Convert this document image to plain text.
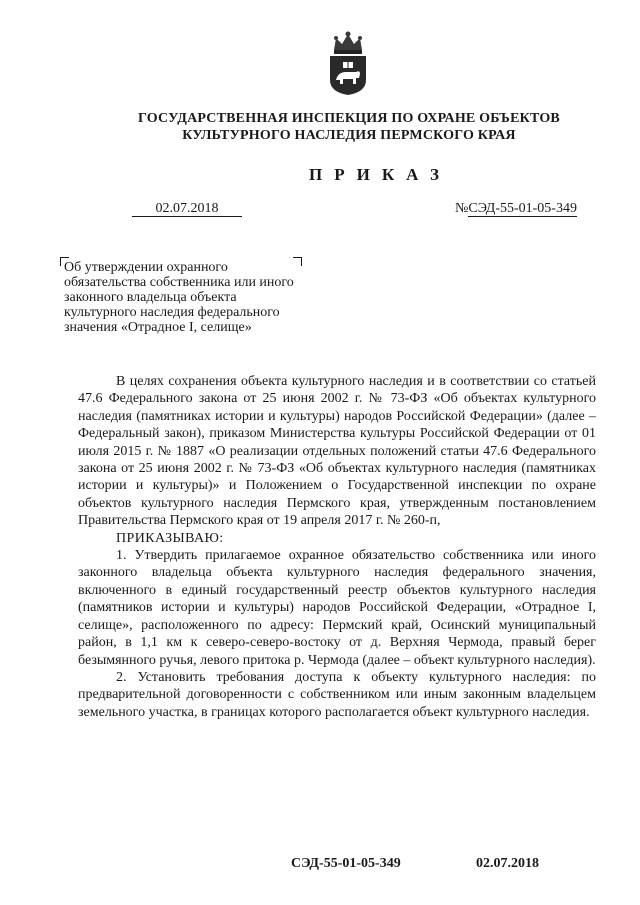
ГОСУДАРСТВЕННАЯ ИНСПЕКЦИЯ ПО ОХРАНЕ ОБЪЕКТОВ
КУЛЬТУРНОГО НАСЛЕДИЯ ПЕРМСКОГО КРАЯ
ПРИКАЗ
02.07.2018	№СЭД-55-01-05-349
Об утверждении охранного обязательства собственника или иного законного владельца объекта культурного наследия федерального значения «Отрадное I, селище»

В целях сохранения объекта культурного наследия и в соответствии со статьей 47.6 Федерального закона от 25 июня 2002 г. № 73-ФЗ «Об объектах культурного наследия (памятниках истории и культуры) народов Российской Федерации» (далее – Федеральный закон), приказом Министерства культуры Российской Федерации от 01 июля 2015 г. № 1887 «О реализации отдельных положений статьи 47.6 Федерального закона от 25 июня 2002 г. № 73-ФЗ «Об объектах культурного наследия (памятниках истории и культуры)» и Положением о Государственной инспекции по охране объектов культурного наследия Пермского края, утвержденным постановлением Правительства Пермского края от 19 апреля 2017 г. № 260-п,

ПРИКАЗЫВАЮ:

1. Утвердить прилагаемое охранное обязательство собственника или иного законного владельца объекта культурного наследия федерального значения, включенного в единый государственный реестр объектов культурного наследия (памятников истории и культуры) народов Российской Федерации, «Отрадное I, селище», расположенного по адресу: Пермский край, Осинский муниципальный район, в 1,1 км к северо-северо-востоку от д. Верхняя Чермода, правый берег безымянного ручья, левого притока р. Чермода (далее – объект культурного наследия).

2. Установить требования доступа к объекту культурного наследия: по предварительной договоренности с собственником или иным законным владельцем земельного участка, в границах которого располагается объект культурного наследия.

СЭД-55-01-05-349	02.07.2018
